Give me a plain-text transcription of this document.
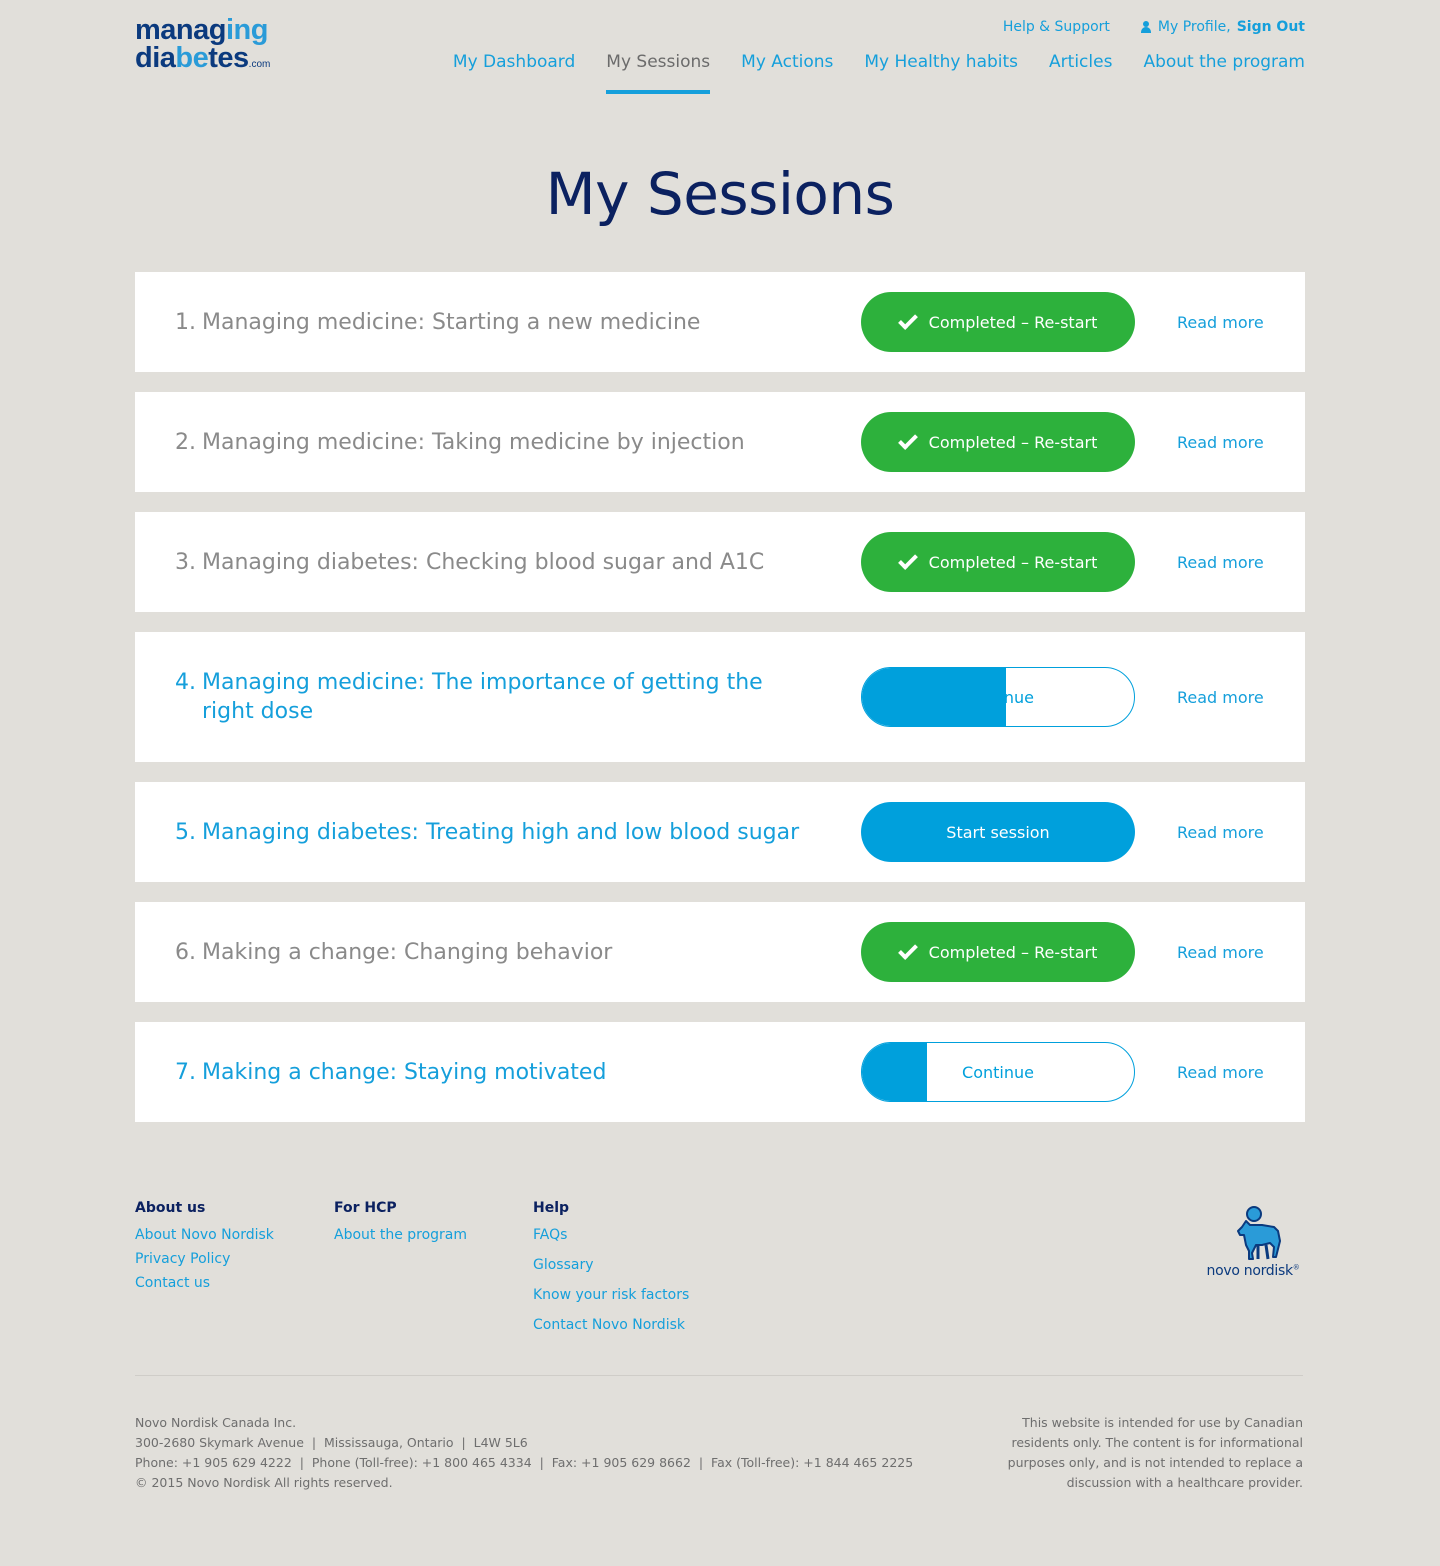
managing
diabetes.com
Help & Support	My Profile, Sign Out
My Dashboard My Sessions My Actions My Healthy habits Articles About the program
My Sessions
1. Managing medicine: Starting a new medicine	Completed – Re-start	Read more
2. Managing medicine: Taking medicine by injection	Completed – Re-start	Read more
3. Managing diabetes: Checking blood sugar and A1C	Completed – Re-start	Read more
4. Managing medicine: The importance of getting the right dose
Continue	Read more
5. Managing diabetes: Treating high and low blood sugar	Start session	Read more
6. Making a change: Changing behavior	Completed – Re-start	Read more
7. Making a change: Staying motivated	Continue	Read more
About us
About Novo Nordisk
Privacy Policy
Contact us
For HCP
About the program
Help
FAQs
Glossary
Know your risk factors
Contact Novo Nordisk
novo nordisk®
Novo Nordisk Canada Inc.
300-2680 Skymark Avenue  |  Mississauga, Ontario  |  L4W 5L6
Phone: +1 905 629 4222  |  Phone (Toll-free): +1 800 465 4334  |  Fax: +1 905 629 8662  |  Fax (Toll-free): +1 844 465 2225
© 2015 Novo Nordisk All rights reserved.
This website is intended for use by Canadian residents only. The content is for informational purposes only, and is not intended to replace a discussion with a healthcare provider.
